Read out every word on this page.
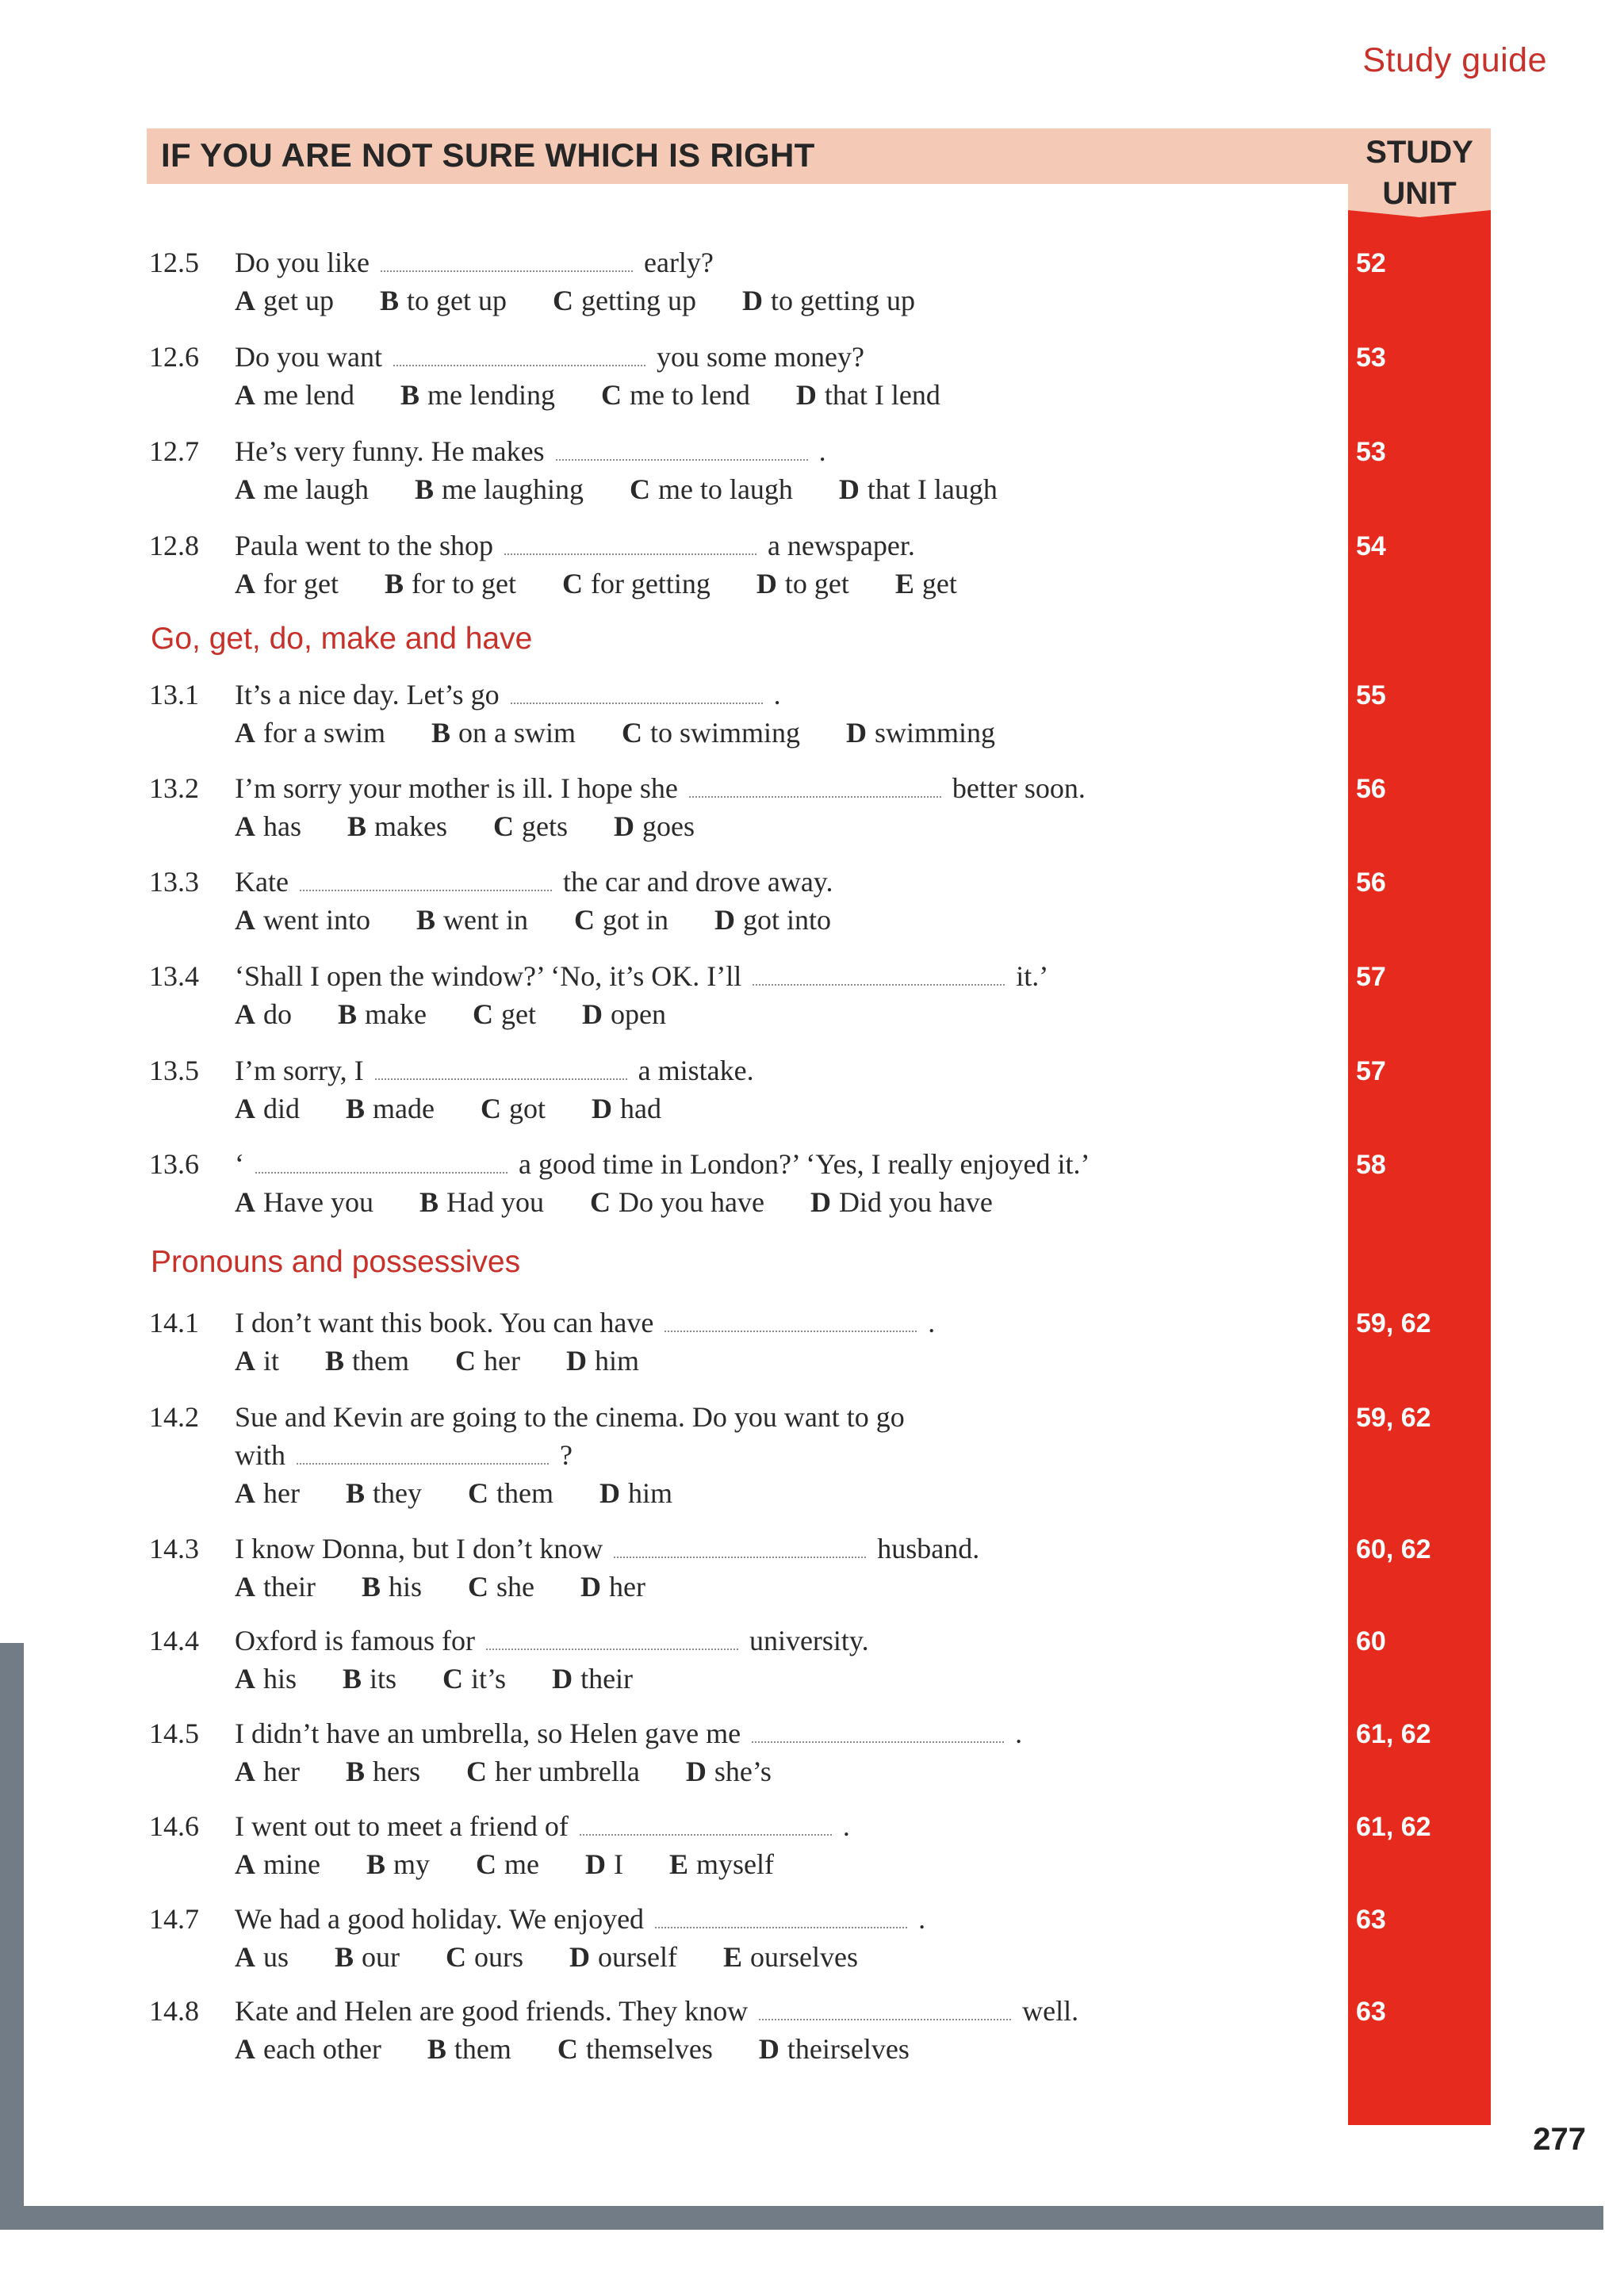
Study guide
IF YOU ARE NOT SURE WHICH IS RIGHT	STUDY UNIT
12.5 Do you like	early?
A get up B to get up C getting up D to getting up
52
12.6 Do you want	you some money?
A me lend B me lending C me to lend D that I lend
53
12.7 He’s very funny. He makes	.
A me laugh B me laughing C me to laugh D that I laugh
53
12.8 Paula went to the shop	a newspaper.
A for get B for to get C for getting D to get E get
54
Go, get, do, make and have
13.1 It’s a nice day. Let’s go	.
A for a swim B on a swim C to swimming D swimming
55
13.2 I’m sorry your mother is ill. I hope she	better soon.
A has B makes C gets D goes
56
13.3 Kate	the car and drove away.
A went into B went in C got in D got into
56
13.4 ‘Shall I open the window?’ ‘No, it’s OK. I’ll	it.’
A do B make C get D open
57
13.5 I’m sorry, I	a mistake.
A did B made C got D had
57
13.6 ‘	a good time in London?’ ‘Yes, I really enjoyed it.’
A Have you B Had you C Do you have D Did you have
58
Pronouns and possessives
14.1 I don’t want this book. You can have	.
A it B them C her D him
59, 62
14.2 Sue and Kevin are going to the cinema. Do you want to go
with	?
A her B they C them D him
59, 62
14.3 I know Donna, but I don’t know	husband.
A their B his C she D her
60, 62
14.4 Oxford is famous for	university.
A his B its C it’s D their
60
14.5 I didn’t have an umbrella, so Helen gave me	.
A her B hers C her umbrella D she’s
61, 62
14.6 I went out to meet a friend of	.
A mine B my C me D I E myself
61, 62
14.7 We had a good holiday. We enjoyed	.
A us B our C ours D ourself E ourselves
63
14.8 Kate and Helen are good friends. They know	well.
A each other B them C themselves D theirselves
63
277
